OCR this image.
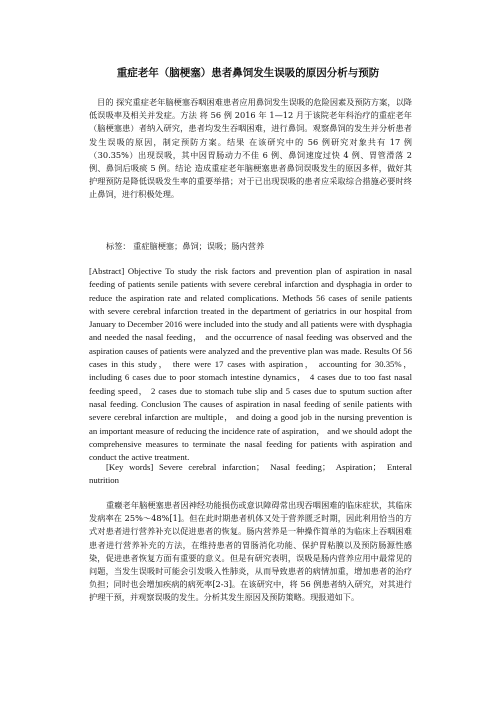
重症老年（脑梗塞）患者鼻饲发生误吸的原因分析与预防

目的 探究重症老年脑梗塞吞咽困难患者应用鼻饲发生误吸的危险因素及预防方案，以降低误吸率及相关并发症。方法 将 56 例 2016 年 1—12 月于该院老年科治疗的重症老年（脑梗塞患）者纳入研究，患者均发生吞咽困难，进行鼻饲。观察鼻饲的发生并分析患者发生误吸的原因，制定预防方案。结果 在该研究中的 56 例研究对象共有 17 例（30.35%）出现误吸，其中因胃肠动力不佳 6 例、鼻饲速度过快 4 例、胃管滑落 2 例、鼻饲后吸痰 5 例。结论 造成重症老年脑梗塞患者鼻饲误吸发生的原因多样，做好其护理预防是降低误吸发生率的重要举措；对于已出现误吸的患者应采取综合措施必要时终止鼻饲，进行积极处理。

标签： 重症脑梗塞；鼻饲；误吸；肠内营养

[Abstract] Objective To study the risk factors and prevention plan of aspiration in nasal feeding of patients senile patients with severe cerebral infarction and dysphagia in order to reduce the aspiration rate and related complications. Methods 56 cases of senile patients with severe cerebral infarction treated in the department of geriatrics in our hospital from January to December 2016 were included into the study and all patients were with dysphagia and needed the nasal feeding， and the occurrence of nasal feeding was observed and the aspiration causes of patients were analyzed and the preventive plan was made. Results Of 56 cases in this study， there were 17 cases with aspiration， accounting for 30.35%， including 6 cases due to poor stomach intestine dynamics， 4 cases due to too fast nasal feeding speed， 2 cases due to stomach tube slip and 5 cases due to sputum suction after nasal feeding. Conclusion The causes of aspiration in nasal feeding of senile patients with severe cerebral infarction are multiple， and doing a good job in the nursing prevention is an important measure of reducing the incidence rate of aspiration， and we should adopt the comprehensive measures to terminate the nasal feeding for patients with aspiration and conduct the active treatment.

[Key words] Severe cerebral infarction； Nasal feeding； Aspiration； Enteral nutrition

重癥老年脑梗塞患者因神经功能损伤或意识障碍常出现吞咽困难的临床症状，其临床发病率在 25%～48%[1]。但在此时期患者机体又处于营养匮乏时期，因此利用恰当的方式对患者进行营养补充以促进患者的恢复。肠内营养是一种操作简单的为临床上吞咽困难患者进行营养补充的方法，在维持患者的胃肠消化功能、保护胃粘膜以及预防肠源性感染，促进患者恢复方面有重要的意义。但是有研究表明，误吸是肠内营养应用中最常见的问题，当发生误吸时可能会引发吸入性肺炎，从而导致患者的病情加重，增加患者的治疗负担；同时也会增加疾病的病死率[2-3]。在该研究中，将 56 例患者纳入研究，对其进行护理干预，并观察误吸的发生。分析其发生原因及预防策略。现报道如下。
